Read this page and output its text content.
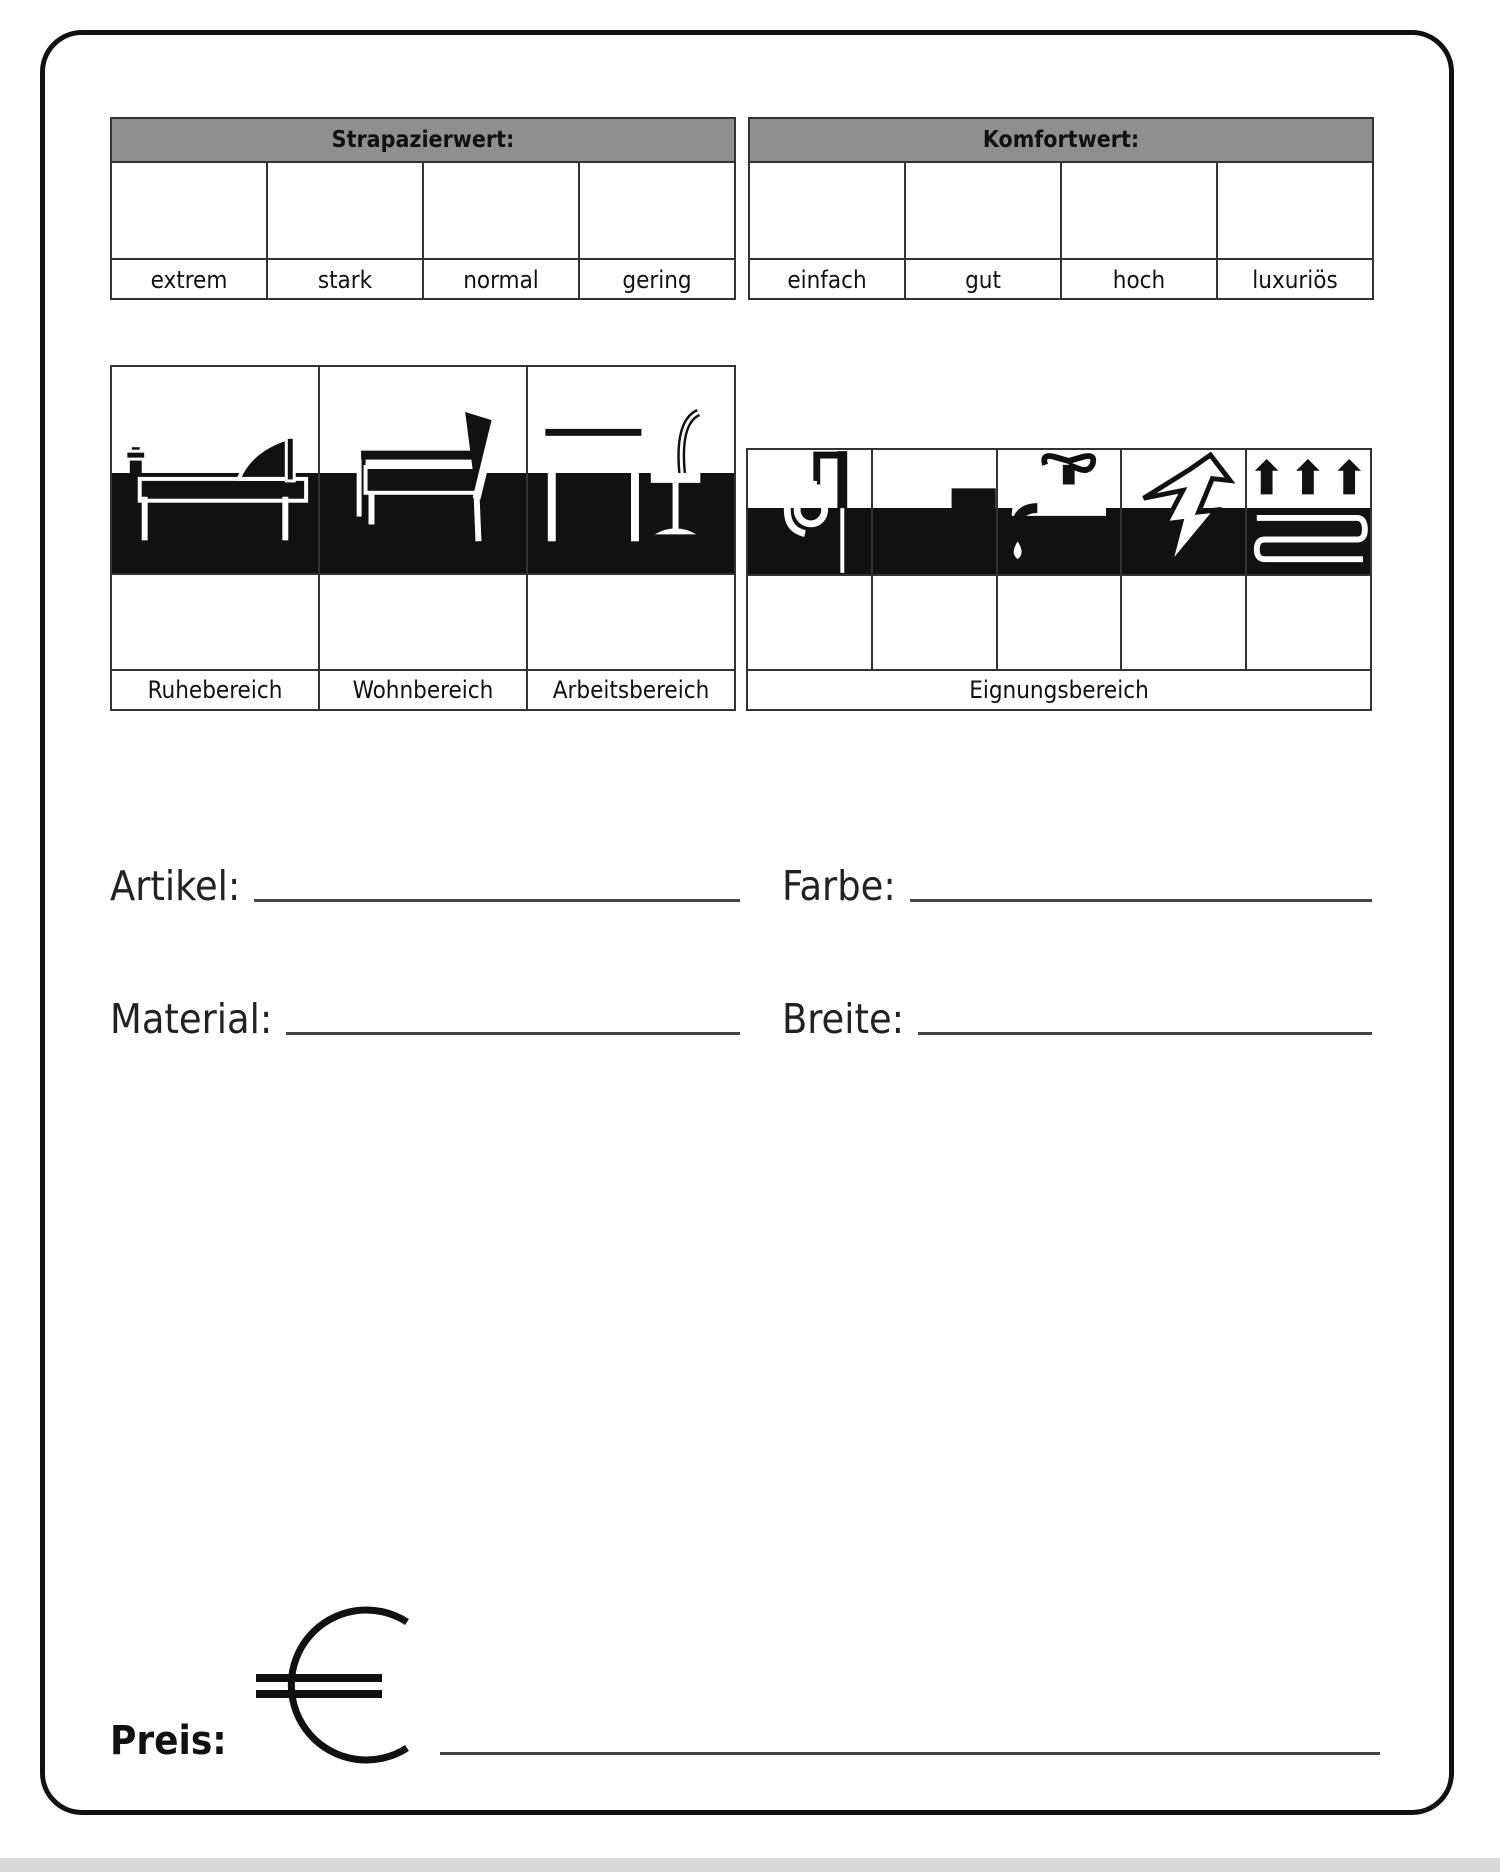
Strapazierwert:
extrem	stark	normal	gering
Komfortwert:
einfach	gut	hoch	luxuriös
Ruhebereich	Wohnbereich	Arbeitsbereich	Eignungsbereich
Artikel:	Farbe:
Material:	Breite:
Preis:
